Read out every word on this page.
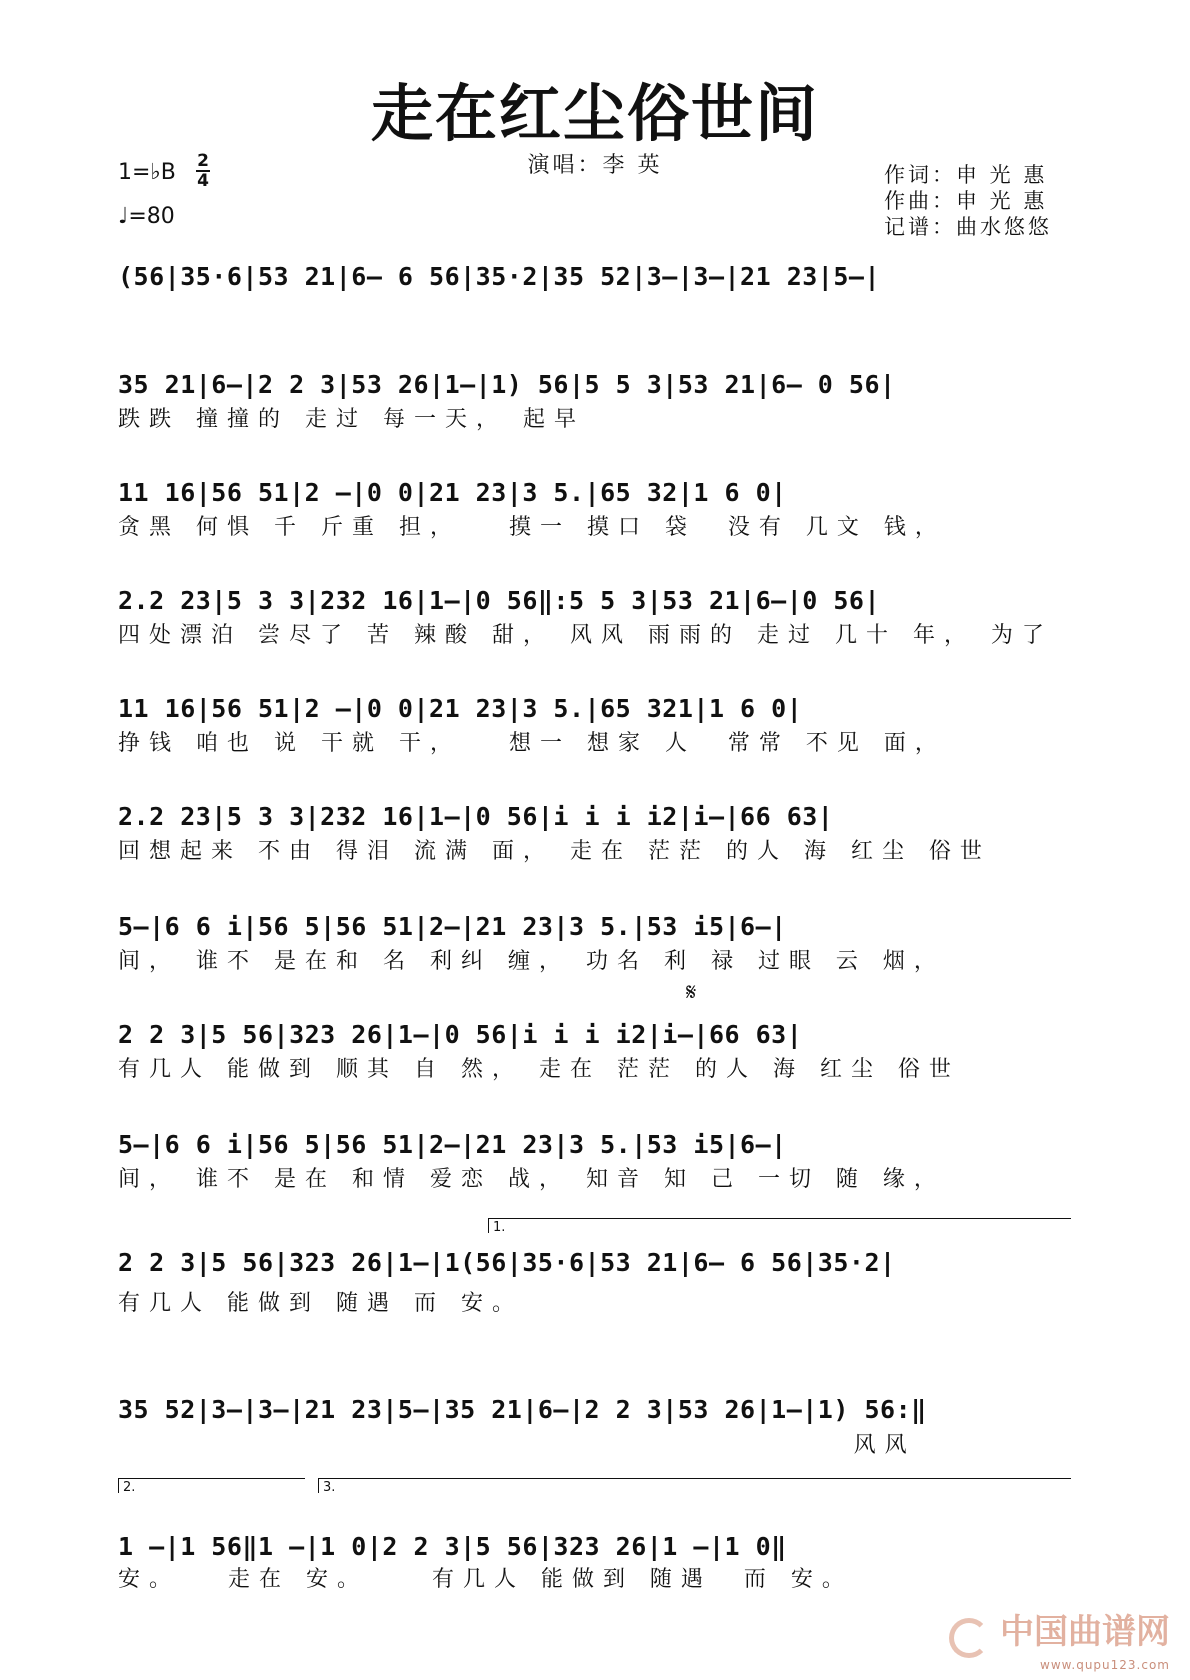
走在红尘俗世间
演唱：李 英
1=♭B 2
4
♩=80
作词：申 光 惠
作曲：申 光 惠
记谱：曲水悠悠
(56|35·6|53 21|6– 6 56|35·2|35 52|3–|3–|21 23|5–|
35 21|6–|2 2 3|53 26|1–|1) 56|5 5 3|53 21|6– 0 56|
跌跌 撞撞的 走过 每一天， 起早
11 16|56 51|2 –|0 0|21 23|3 5.|65 32|1 6 0|
贪黑 何惧 千 斤重 担，   摸一 摸口 袋  没有 几文 钱，
2.2 23|5 3 3|232 16|1–|0 56‖:5 5 3|53 21|6–|0 56|
四处漂泊 尝尽了 苦 辣酸 甜， 风风 雨雨的 走过 几十 年， 为了
11 16|56 51|2 –|0 0|21 23|3 5.|65 321|1 6 0|
挣钱 咱也 说 干就 干，   想一 想家 人  常常 不见 面，
2.2 23|5 3 3|232 16|1–|0 56|i i i i2|i–|66 63|
回想起来 不由 得泪 流满 面， 走在 茫茫 的人 海 红尘 俗世
5–|6 6 i|56 5|56 51|2–|21 23|3 5.|53 i5|6–|
间， 谁不 是在和 名 利纠 缠， 功名 利 禄 过眼 云 烟，
2 2 3|5 56|323 26|1–|0 56|i i i i2|i–|66 63|
有几人 能做到 顺其 自 然， 走在 茫茫 的人 海 红尘 俗世
5–|6 6 i|56 5|56 51|2–|21 23|3 5.|53 i5|6–|
间， 谁不 是在 和情 爱恋 战， 知音 知 己 一切 随 缘，
2 2 3|5 56|323 26|1–|1(56|35·6|53 21|6– 6 56|35·2|
有几人 能做到 随遇 而 安。
35 52|3–|3–|21 23|5–|35 21|6–|2 2 3|53 26|1–|1) 56:‖
风风
1 –|1 56‖1 –|1 0|2 2 3|5 56|323 26|1 –|1 0‖
安。   走在 安。    有几人 能做到 随遇  而 安。
𝄋
1.
2.	3.
中国曲谱网
www.qupu123.com
